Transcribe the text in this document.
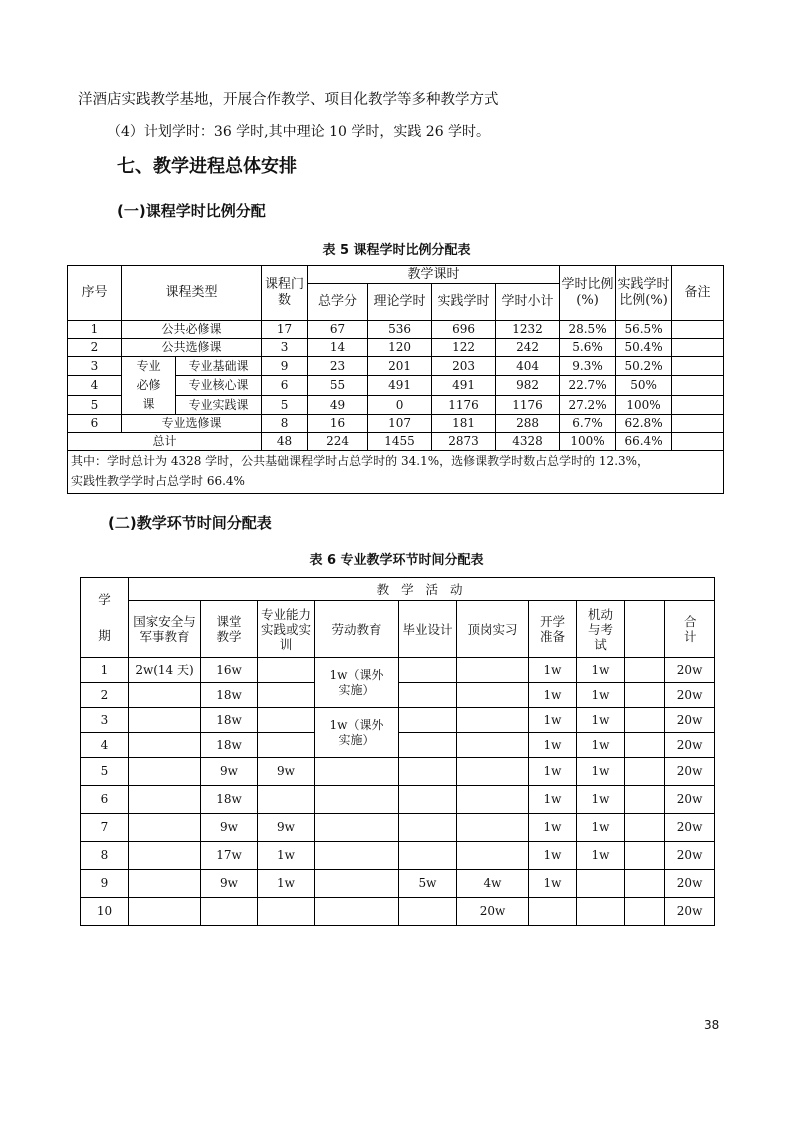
洋酒店实践教学基地，开展合作教学、项目化教学等多种教学方式
（4）计划学时：36 学时,其中理论 10 学时，实践 26 学时。
七、教学进程总体安排
(一)课程学时比例分配
表 5 课程学时比例分配表
序号	课程类型		课程门数	教学课时				学时比例(%)	实践学时比例(%)	备注
				总学分	理论学时	实践学时	学时小计			
1	公共必修课		17	67	536	696	1232	28.5%	56.5%	
2	公共选修课		3	14	120	122	242	5.6%	50.4%	
3	专业必修课	专业基础课	9	23	201	203	404	9.3%	50.2%	
4		专业核心课	6	55	491	491	982	22.7%	50%	
5		专业实践课	5	49	0	1176	1176	27.2%	100%	
6	专业选修课		8	16	107	181	288	6.7%	62.8%	
总计			48	224	1455	2873	4328	100%	66.4%	

其中：学时总计为 4328 学时，公共基础课程学时占总学时的 34.1%，选修课教学时数占总学时的 12.3%，
实践性教学学时占总学时 66.4%										
(二)教学环节时间分配表
表 6 专业教学环节时间分配表
学期	教 学 活 动									
	国家安全与军事教育	课堂教学	专业能力实践或实训	劳动教育	毕业设计	顶岗实习	开学准备	机动与考试		合计
1	2w(14 天)	16w		1w（课外实施）			1w	1w		20w
2		18w					1w	1w		20w
3		18w		1w（课外实施）			1w	1w		20w
4		18w					1w	1w		20w
5		9w	9w				1w	1w		20w
6		18w					1w	1w		20w
7		9w	9w				1w	1w		20w
8		17w	1w				1w	1w		20w
9		9w	1w		5w	4w	1w			20w
10						20w				20w
38
